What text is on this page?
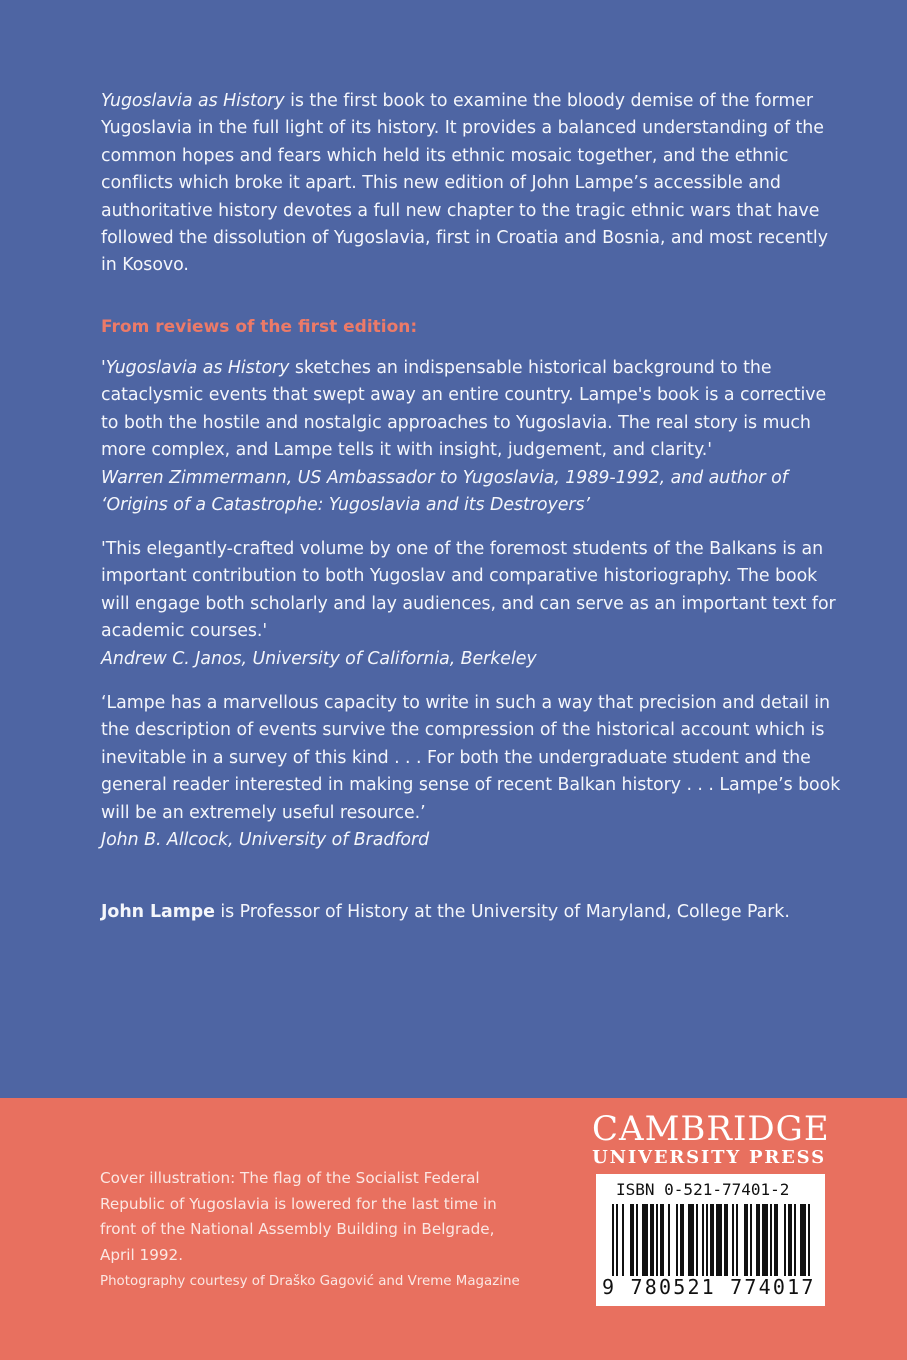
Yugoslavia as History is the first book to examine the bloody demise of the former Yugoslavia in the full light of its history. It provides a balanced understanding of the common hopes and fears which held its ethnic mosaic together, and the ethnic conflicts which broke it apart. This new edition of John Lampe’s accessible and authoritative history devotes a full new chapter to the tragic ethnic wars that have followed the dissolution of Yugoslavia, first in Croatia and Bosnia, and most recently in Kosovo.
From reviews of the first edition:
'Yugoslavia as History sketches an indispensable historical background to the cataclysmic events that swept away an entire country. Lampe's book is a corrective to both the hostile and nostalgic approaches to Yugoslavia. The real story is much more complex, and Lampe tells it with insight, judgement, and clarity.'
Warren Zimmermann, US Ambassador to Yugoslavia, 1989-1992, and author of ‘Origins of a Catastrophe: Yugoslavia and its Destroyers’
'This elegantly-crafted volume by one of the foremost students of the Balkans is an important contribution to both Yugoslav and comparative historiography. The book will engage both scholarly and lay audiences, and can serve as an important text for academic courses.'
Andrew C. Janos, University of California, Berkeley
‘Lampe has a marvellous capacity to write in such a way that precision and detail in the description of events survive the compression of the historical account which is inevitable in a survey of this kind . . . For both the undergraduate student and the general reader interested in making sense of recent Balkan history . . . Lampe’s book will be an extremely useful resource.’
John B. Allcock, University of Bradford
John Lampe is Professor of History at the University of Maryland, College Park.
Cover illustration: The flag of the Socialist Federal Republic of Yugoslavia is lowered for the last time in front of the National Assembly Building in Belgrade, April 1992.
Photography courtesy of Draško Gagović and Vreme Magazine
CAMBRIDGE
UNIVERSITY PRESS
ISBN 0-521-77401-2
9 780521 774017
